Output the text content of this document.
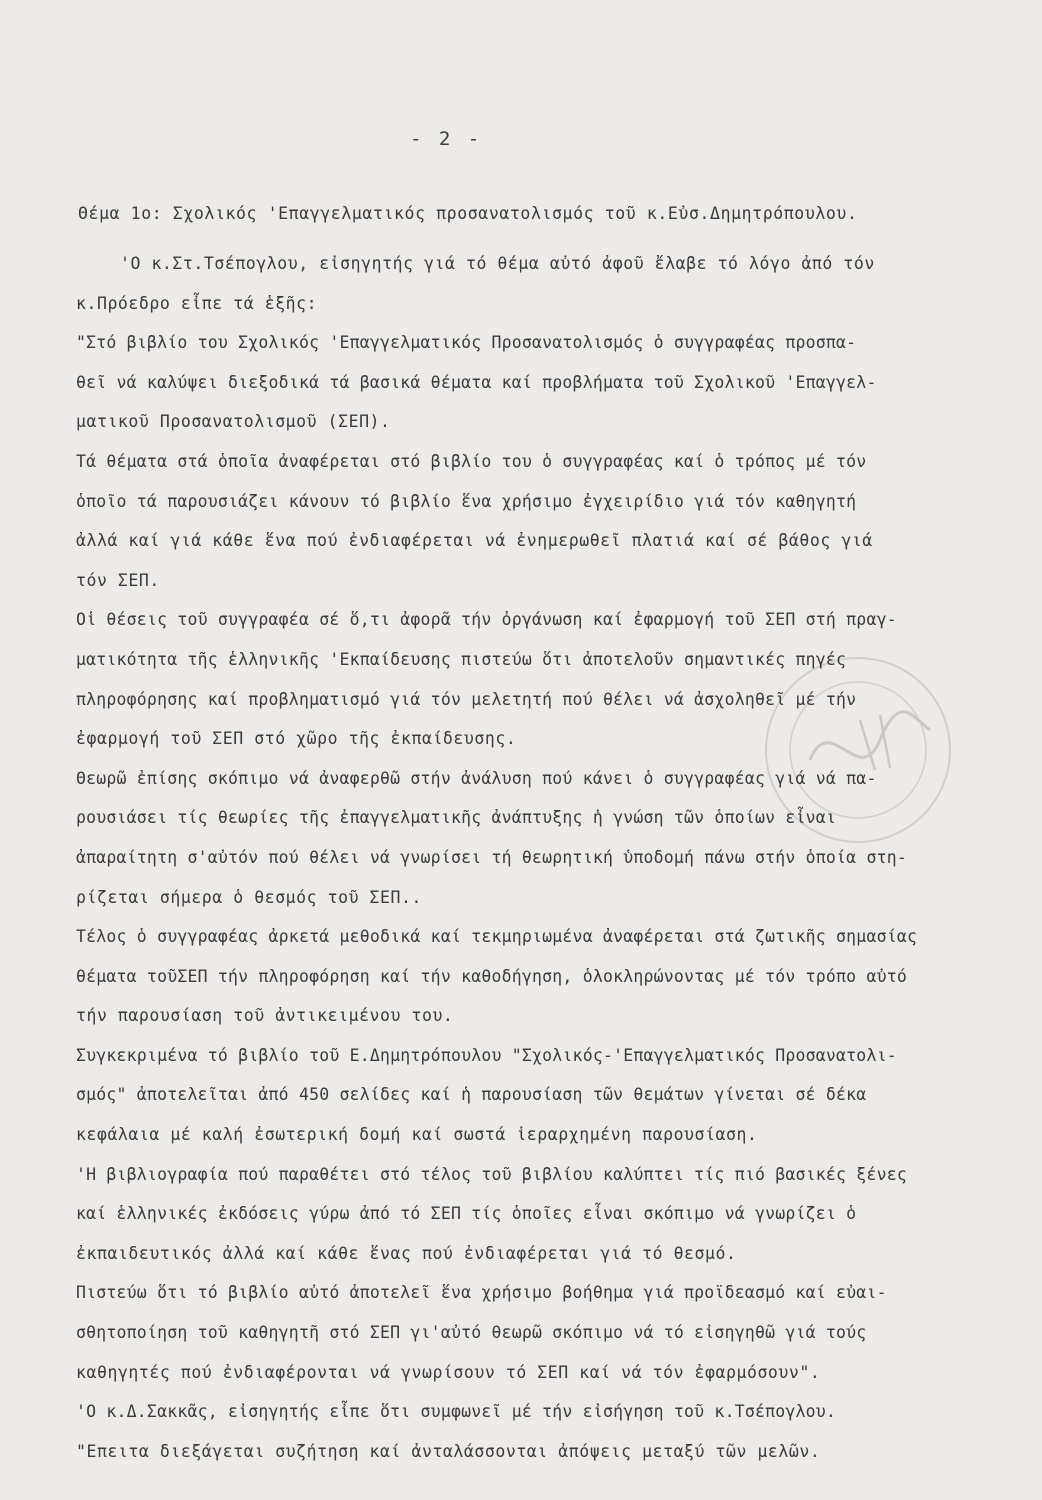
- 2 -
Θέμα 1ο: Σχολικός 'Επαγγελματικός προσανατολισμός τοῦ κ.Εὐσ.Δημητρόπουλου.
'Ο κ.Στ.Τσέπογλου, εἰσηγητής γιά τό θέμα αὐτό ἀφοῦ ἔλαβε τό λόγο ἀπό τόν
κ.Πρόεδρο εἶπε τά ἑξῆς:
"Στό βιβλίο του Σχολικός 'Επαγγελματικός Προσανατολισμός ὁ συγγραφέας προσπα-
θεῖ νά καλύψει διεξοδικά τά βασικά θέματα καί προβλήματα τοῦ Σχολικοῦ 'Επαγγελ-
ματικοῦ Προσανατολισμοῦ (ΣΕΠ).
Τά θέματα στά ὁποῖα ἀναφέρεται στό βιβλίο του ὁ συγγραφέας καί ὁ τρόπος μέ τόν
ὁποῖο τά παρουσιάζει κάνουν τό βιβλίο ἕνα χρήσιμο ἐγχειρίδιο γιά τόν καθηγητή
ἀλλά καί γιά κάθε ἕνα πού ἐνδιαφέρεται νά ἐνημερωθεῖ πλατιά καί σέ βάθος γιά
τόν ΣΕΠ.
Οἱ θέσεις τοῦ συγγραφέα σέ ὅ,τι ἀφορᾶ τήν ὀργάνωση καί ἐφαρμογή τοῦ ΣΕΠ στή πραγ-
ματικότητα τῆς ἑλληνικῆς 'Εκπαίδευσης πιστεύω ὅτι ἀποτελοῦν σημαντικές πηγές
πληροφόρησης καί προβληματισμό γιά τόν μελετητή πού θέλει νά ἀσχοληθεῖ μέ τήν
ἐφαρμογή τοῦ ΣΕΠ στό χῶρο τῆς ἐκπαίδευσης.
Θεωρῶ ἐπίσης σκόπιμο νά ἀναφερθῶ στήν ἀνάλυση πού κάνει ὁ συγγραφέας γιά νά πα-
ρουσιάσει τίς θεωρίες τῆς ἐπαγγελματικῆς ἀνάπτυξης ἡ γνώση τῶν ὁποίων εἶναι
ἀπαραίτητη σ'αὐτόν πού θέλει νά γνωρίσει τή θεωρητική ὑποδομή πάνω στήν ὁποία στη-
ρίζεται σήμερα ὁ θεσμός τοῦ ΣΕΠ..
Τέλος ὁ συγγραφέας ἀρκετά μεθοδικά καί τεκμηριωμένα ἀναφέρεται στά ζωτικῆς σημασίας
θέματα τοῦΣΕΠ τήν πληροφόρηση καί τήν καθοδήγηση, ὁλοκληρώνοντας μέ τόν τρόπο αὐτό
τήν παρουσίαση τοῦ ἀντικειμένου του.
Συγκεκριμένα τό βιβλίο τοῦ Ε.Δημητρόπουλου "Σχολικός-'Επαγγελματικός Προσανατολι-
σμός" ἀποτελεῖται ἀπό 450 σελίδες καί ἡ παρουσίαση τῶν θεμάτων γίνεται σέ δέκα
κεφάλαια μέ καλή ἐσωτερική δομή καί σωστά ἱεραρχημένη παρουσίαση.
'Η βιβλιογραφία πού παραθέτει στό τέλος τοῦ βιβλίου καλύπτει τίς πιό βασικές ξένες
καί ἑλληνικές ἐκδόσεις γύρω ἀπό τό ΣΕΠ τίς ὁποῖες εἶναι σκόπιμο νά γνωρίζει ὁ
ἐκπαιδευτικός ἀλλά καί κάθε ἕνας πού ἐνδιαφέρεται γιά τό θεσμό.
Πιστεύω ὅτι τό βιβλίο αὐτό ἀποτελεῖ ἕνα χρήσιμο βοήθημα γιά προϊδεασμό καί εὐαι-
σθητοποίηση τοῦ καθηγητῆ στό ΣΕΠ γι'αὐτό θεωρῶ σκόπιμο νά τό εἰσηγηθῶ γιά τούς
καθηγητές πού ἐνδιαφέρονται νά γνωρίσουν τό ΣΕΠ καί νά τόν ἐφαρμόσουν".
'Ο κ.Δ.Σακκᾶς, εἰσηγητής εἶπε ὅτι συμφωνεῖ μέ τήν εἰσήγηση τοῦ κ.Τσέπογλου.
"Επειτα διεξάγεται συζήτηση καί ἀνταλάσσονται ἀπόψεις μεταξύ τῶν μελῶν.
